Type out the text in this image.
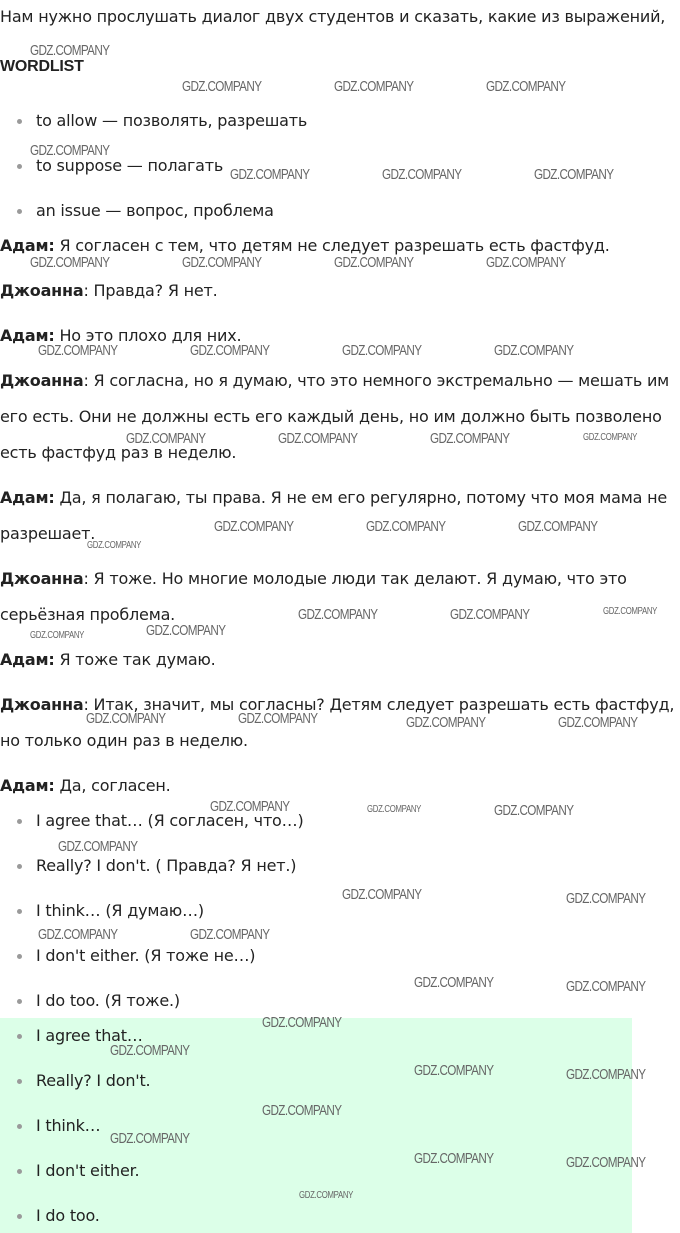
Нам нужно прослушать диалог двух студентов и сказать, какие из выражений,
WORDLIST
to allow — позволять, разрешать
to suppose — полагать
an issue — вопрос, проблема
Адам: Я согласен с тем, что детям не следует разрешать есть фастфуд.
Джоанна: Правда? Я нет.
Адам: Но это плохо для них.
Джоанна: Я согласна, но я думаю, что это немного экстремально — мешать им
его есть. Они не должны есть его каждый день, но им должно быть позволено
есть фастфуд раз в неделю.
Адам: Да, я полагаю, ты права. Я не ем его регулярно, потому что моя мама не
разрешает.
Джоанна: Я тоже. Но многие молодые люди так делают. Я думаю, что это
серьёзная проблема.
Адам: Я тоже так думаю.
Джоанна: Итак, значит, мы согласны? Детям следует разрешать есть фастфуд,
но только один раз в неделю.
Адам: Да, согласен.
I agree that… (Я согласен, что…)
Really? I don't. ( Правда? Я нет.)
I think… (Я думаю…)
I don't either. (Я тоже не…)
I do too. (Я тоже.)
I agree that…
Really? I don't.
I think…
I don't either.
I do too.
GDZ.COMPANY
GDZ.COMPANY	GDZ.COMPANY	GDZ.COMPANY
GDZ.COMPANY
GDZ.COMPANY	GDZ.COMPANY	GDZ.COMPANY
GDZ.COMPANY	GDZ.COMPANY	GDZ.COMPANY	GDZ.COMPANY
GDZ.COMPANY	GDZ.COMPANY	GDZ.COMPANY	GDZ.COMPANY
GDZ.COMPANY	GDZ.COMPANY	GDZ.COMPANY	GDZ.COMPANY
GDZ.COMPANY	GDZ.COMPANY	GDZ.COMPANY
GDZ.COMPANY
GDZ.COMPANY	GDZ.COMPANY	GDZ.COMPANY
GDZ.COMPANY	GDZ.COMPANY
GDZ.COMPANY	GDZ.COMPANY	GDZ.COMPANY	GDZ.COMPANY
GDZ.COMPANY	GDZ.COMPANY	GDZ.COMPANY
GDZ.COMPANY
GDZ.COMPANY	GDZ.COMPANY
GDZ.COMPANY	GDZ.COMPANY
GDZ.COMPANY	GDZ.COMPANY
GDZ.COMPANY
GDZ.COMPANY
GDZ.COMPANY	GDZ.COMPANY
GDZ.COMPANY
GDZ.COMPANY
GDZ.COMPANY	GDZ.COMPANY
GDZ.COMPANY
